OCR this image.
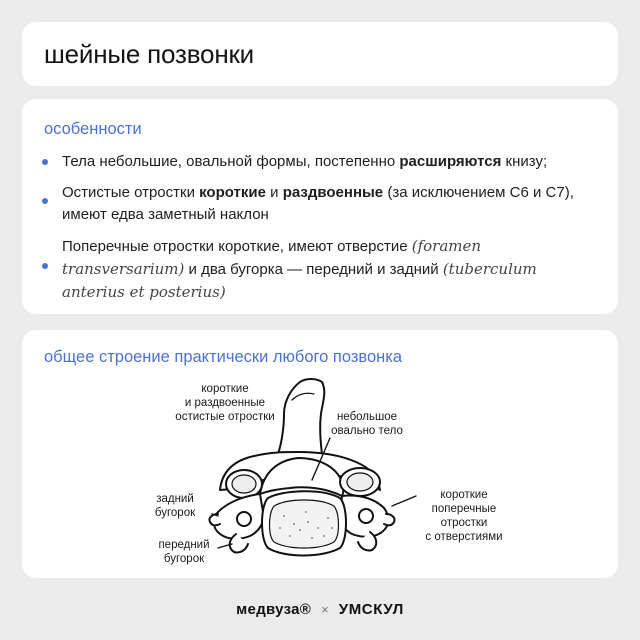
шейные позвонки
особенности
Тела небольшие, овальной формы, постепенно расширяются книзу;
Остистые отростки короткие и раздвоенные (за исключением С6 и С7), имеют едва заметный наклон
Поперечные отростки короткие, имеют отверстие (foramen transversarium) и два бугорка — передний и задний (tuberculum anterius et posterius)
общее строение практически любого позвонка
короткие
и раздвоенные
остистые отростки	небольшое
овально тело
задний
бугорок
передний
бугорок
короткие
поперечные
отростки
с отверстиями
медвуза® × УМСКУЛ
